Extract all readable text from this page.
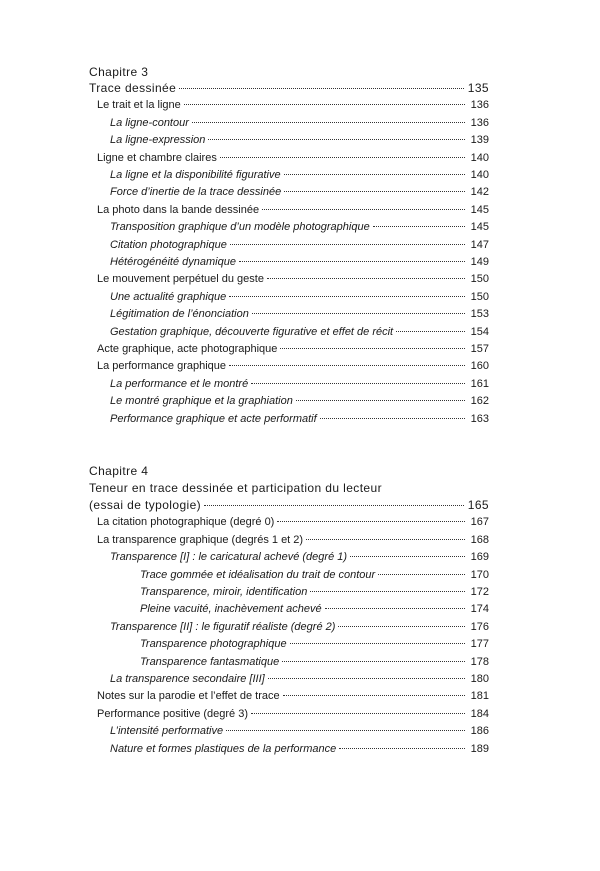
Chapitre 3
Trace dessinée	135
Le trait et la ligne	136
La ligne-contour	136
La ligne-expression	139
Ligne et chambre claires	140
La ligne et la disponibilité figurative	140
Force d’inertie de la trace dessinée	142
La photo dans la bande dessinée	145
Transposition graphique d’un modèle photographique	145
Citation photographique	147
Hétérogénéité dynamique	149
Le mouvement perpétuel du geste	150
Une actualité graphique	150
Légitimation de l’énonciation	153
Gestation graphique, découverte figurative et effet de récit	154
Acte graphique, acte photographique	157
La performance graphique	160
La performance et le montré	161
Le montré graphique et la graphiation	162
Performance graphique et acte performatif	163
Chapitre 4
Teneur en trace dessinée et participation du lecteur
(essai de typologie)	165
La citation photographique (degré 0)	167
La transparence graphique (degrés 1 et 2)	168
Transparence [I] : le caricatural achevé (degré 1)	169
Trace gommée et idéalisation du trait de contour	170
Transparence, miroir, identification	172
Pleine vacuité, inachèvement achevé	174
Transparence [II] : le figuratif réaliste (degré 2)	176
Transparence photographique	177
Transparence fantasmatique	178
La transparence secondaire [III]	180
Notes sur la parodie et l’effet de trace	181
Performance positive (degré 3)	184
L’intensité performative	186
Nature et formes plastiques de la performance	189
